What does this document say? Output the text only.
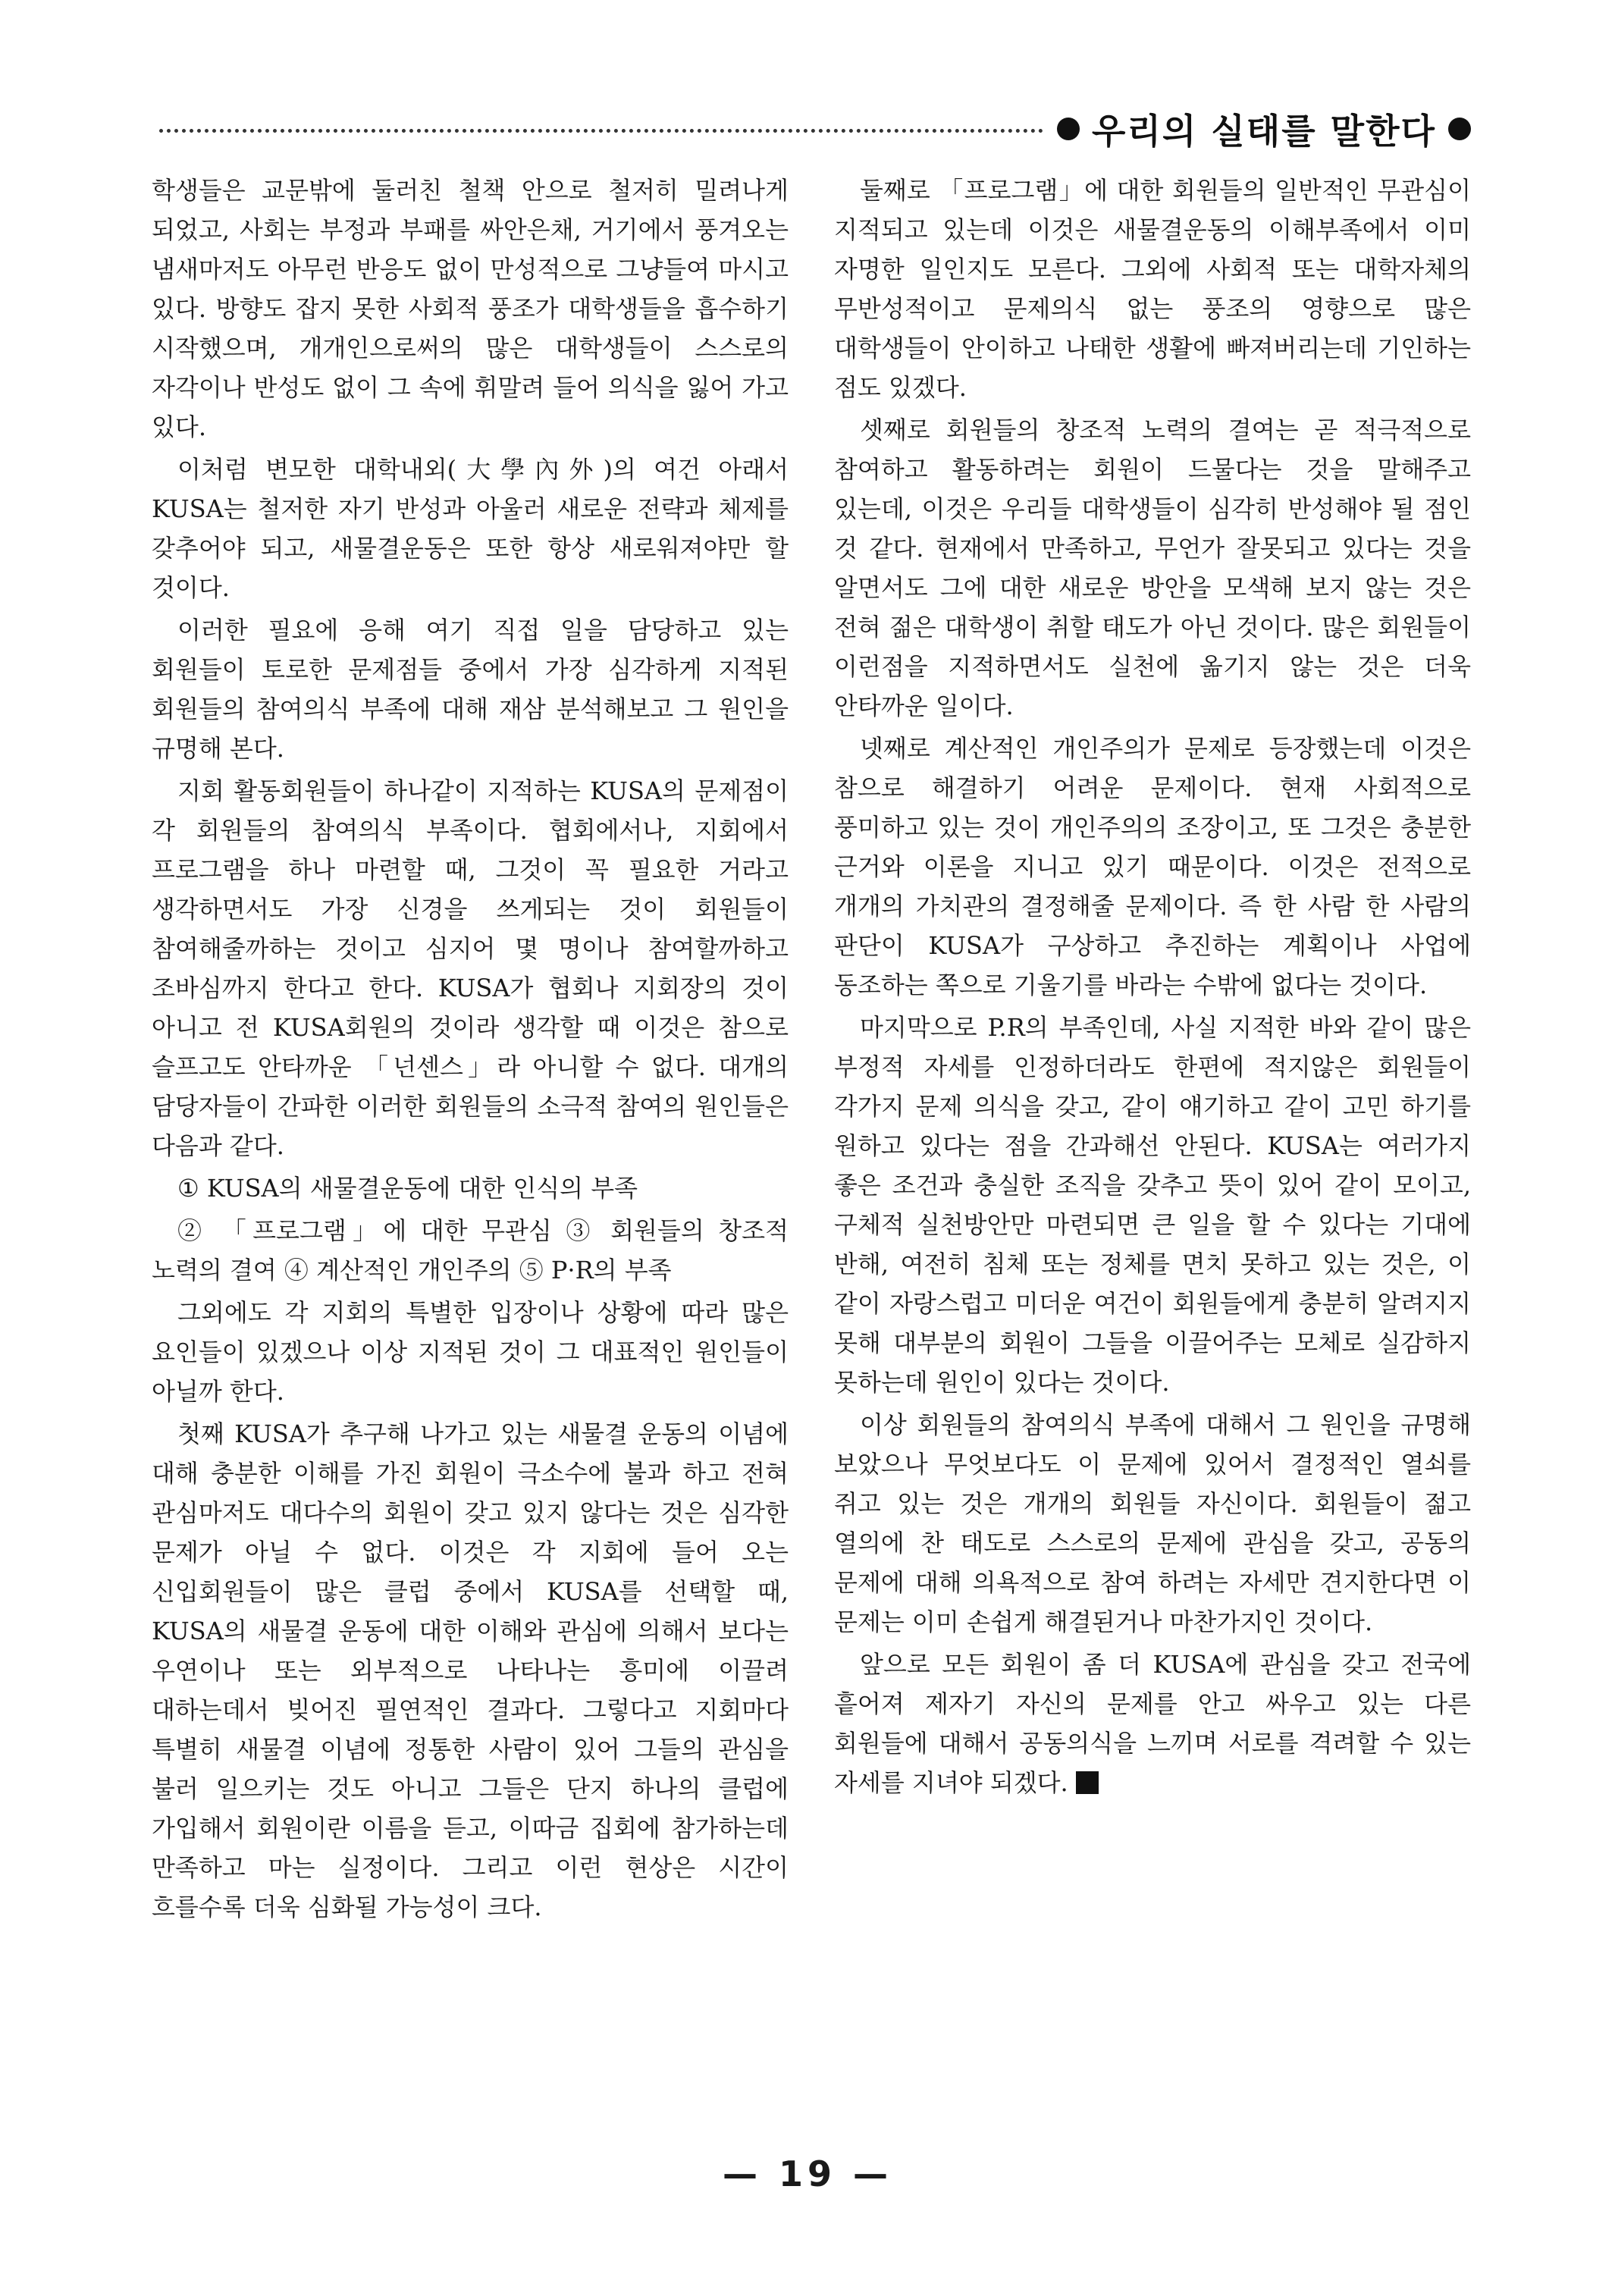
우리의 실태를 말한다

학생들은 교문밖에 둘러친 철책 안으로 철저히 밀려나게 되었고, 사회는 부정과 부패를 싸안은채, 거기에서 풍겨오는 냄새마저도 아무런 반응도 없이 만성적으로 그냥들여 마시고 있다. 방향도 잡지 못한 사회적 풍조가 대학생들을 흡수하기 시작했으며, 개개인으로써의 많은 대학생들이 스스로의 자각이나 반성도 없이 그 속에 휘말려 들어 의식을 잃어 가고 있다.

이처럼 변모한 대학내외(大學內外)의 여건 아래서 KUSA는 철저한 자기 반성과 아울러 새로운 전략과 체제를 갖추어야 되고, 새물결운동은 또한 항상 새로워져야만 할 것이다.

이러한 필요에 응해 여기 직접 일을 담당하고 있는 회원들이 토로한 문제점들 중에서 가장 심각하게 지적된 회원들의 참여의식 부족에 대해 재삼 분석해보고 그 원인을 규명해 본다.

지회 활동회원들이 하나같이 지적하는 KUSA의 문제점이 각 회원들의 참여의식 부족이다. 협회에서나, 지회에서 프로그램을 하나 마련할 때, 그것이 꼭 필요한 거라고 생각하면서도 가장 신경을 쓰게되는 것이 회원들이 참여해줄까하는 것이고 심지어 몇 명이나 참여할까하고 조바심까지 한다고 한다. KUSA가 협회나 지회장의 것이 아니고 전 KUSA회원의 것이라 생각할 때 이것은 참으로 슬프고도 안타까운 「넌센스」라 아니할 수 없다. 대개의 담당자들이 간파한 이러한 회원들의 소극적 참여의 원인들은 다음과 같다.

① KUSA의 새물결운동에 대한 인식의 부족

② 「프로그램」에 대한 무관심 ③ 회원들의 창조적 노력의 결여 ④ 계산적인 개인주의 ⑤ P·R의 부족

그외에도 각 지회의 특별한 입장이나 상황에 따라 많은 요인들이 있겠으나 이상 지적된 것이 그 대표적인 원인들이 아닐까 한다.

첫째 KUSA가 추구해 나가고 있는 새물결 운동의 이념에 대해 충분한 이해를 가진 회원이 극소수에 불과 하고 전혀 관심마저도 대다수의 회원이 갖고 있지 않다는 것은 심각한 문제가 아닐 수 없다. 이것은 각 지회에 들어 오는 신입회원들이 많은 클럽 중에서 KUSA를 선택할 때, KUSA의 새물결 운동에 대한 이해와 관심에 의해서 보다는 우연이나 또는 외부적으로 나타나는 흥미에 이끌려 대하는데서 빚어진 필연적인 결과다. 그렇다고 지회마다 특별히 새물결 이념에 정통한 사람이 있어 그들의 관심을 불러 일으키는 것도 아니고 그들은 단지 하나의 클럽에 가입해서 회원이란 이름을 듣고, 이따금 집회에 참가하는데 만족하고 마는 실정이다. 그리고 이런 현상은 시간이 흐를수록 더욱 심화될 가능성이 크다.

둘째로 「프로그램」에 대한 회원들의 일반적인 무관심이 지적되고 있는데 이것은 새물결운동의 이해부족에서 이미 자명한 일인지도 모른다. 그외에 사회적 또는 대학자체의 무반성적이고 문제의식 없는 풍조의 영향으로 많은 대학생들이 안이하고 나태한 생활에 빠져버리는데 기인하는 점도 있겠다.

셋째로 회원들의 창조적 노력의 결여는 곧 적극적으로 참여하고 활동하려는 회원이 드물다는 것을 말해주고 있는데, 이것은 우리들 대학생들이 심각히 반성해야 될 점인 것 같다. 현재에서 만족하고, 무언가 잘못되고 있다는 것을 알면서도 그에 대한 새로운 방안을 모색해 보지 않는 것은 전혀 젊은 대학생이 취할 태도가 아닌 것이다. 많은 회원들이 이런점을 지적하면서도 실천에 옮기지 않는 것은 더욱 안타까운 일이다.

넷째로 계산적인 개인주의가 문제로 등장했는데 이것은 참으로 해결하기 어려운 문제이다. 현재 사회적으로 풍미하고 있는 것이 개인주의의 조장이고, 또 그것은 충분한 근거와 이론을 지니고 있기 때문이다. 이것은 전적으로 개개의 가치관의 결정해줄 문제이다. 즉 한 사람 한 사람의 판단이 KUSA가 구상하고 추진하는 계획이나 사업에 동조하는 쪽으로 기울기를 바라는 수밖에 없다는 것이다.

마지막으로 P.R의 부족인데, 사실 지적한 바와 같이 많은 부정적 자세를 인정하더라도 한편에 적지않은 회원들이 각가지 문제 의식을 갖고, 같이 얘기하고 같이 고민 하기를 원하고 있다는 점을 간과해선 안된다. KUSA는 여러가지 좋은 조건과 충실한 조직을 갖추고 뜻이 있어 같이 모이고, 구체적 실천방안만 마련되면 큰 일을 할 수 있다는 기대에 반해, 여전히 침체 또는 정체를 면치 못하고 있는 것은, 이 같이 자랑스럽고 미더운 여건이 회원들에게 충분히 알려지지 못해 대부분의 회원이 그들을 이끌어주는 모체로 실감하지 못하는데 원인이 있다는 것이다.

이상 회원들의 참여의식 부족에 대해서 그 원인을 규명해 보았으나 무엇보다도 이 문제에 있어서 결정적인 열쇠를 쥐고 있는 것은 개개의 회원들 자신이다. 회원들이 젊고 열의에 찬 태도로 스스로의 문제에 관심을 갖고, 공동의 문제에 대해 의욕적으로 참여 하려는 자세만 견지한다면 이 문제는 이미 손쉽게 해결된거나 마찬가지인 것이다.

앞으로 모든 회원이 좀 더 KUSA에 관심을 갖고 전국에 흩어져 제자기 자신의 문제를 안고 싸우고 있는 다른 회원들에 대해서 공동의식을 느끼며 서로를 격려할 수 있는 자세를 지녀야 되겠다.

— 19 —
